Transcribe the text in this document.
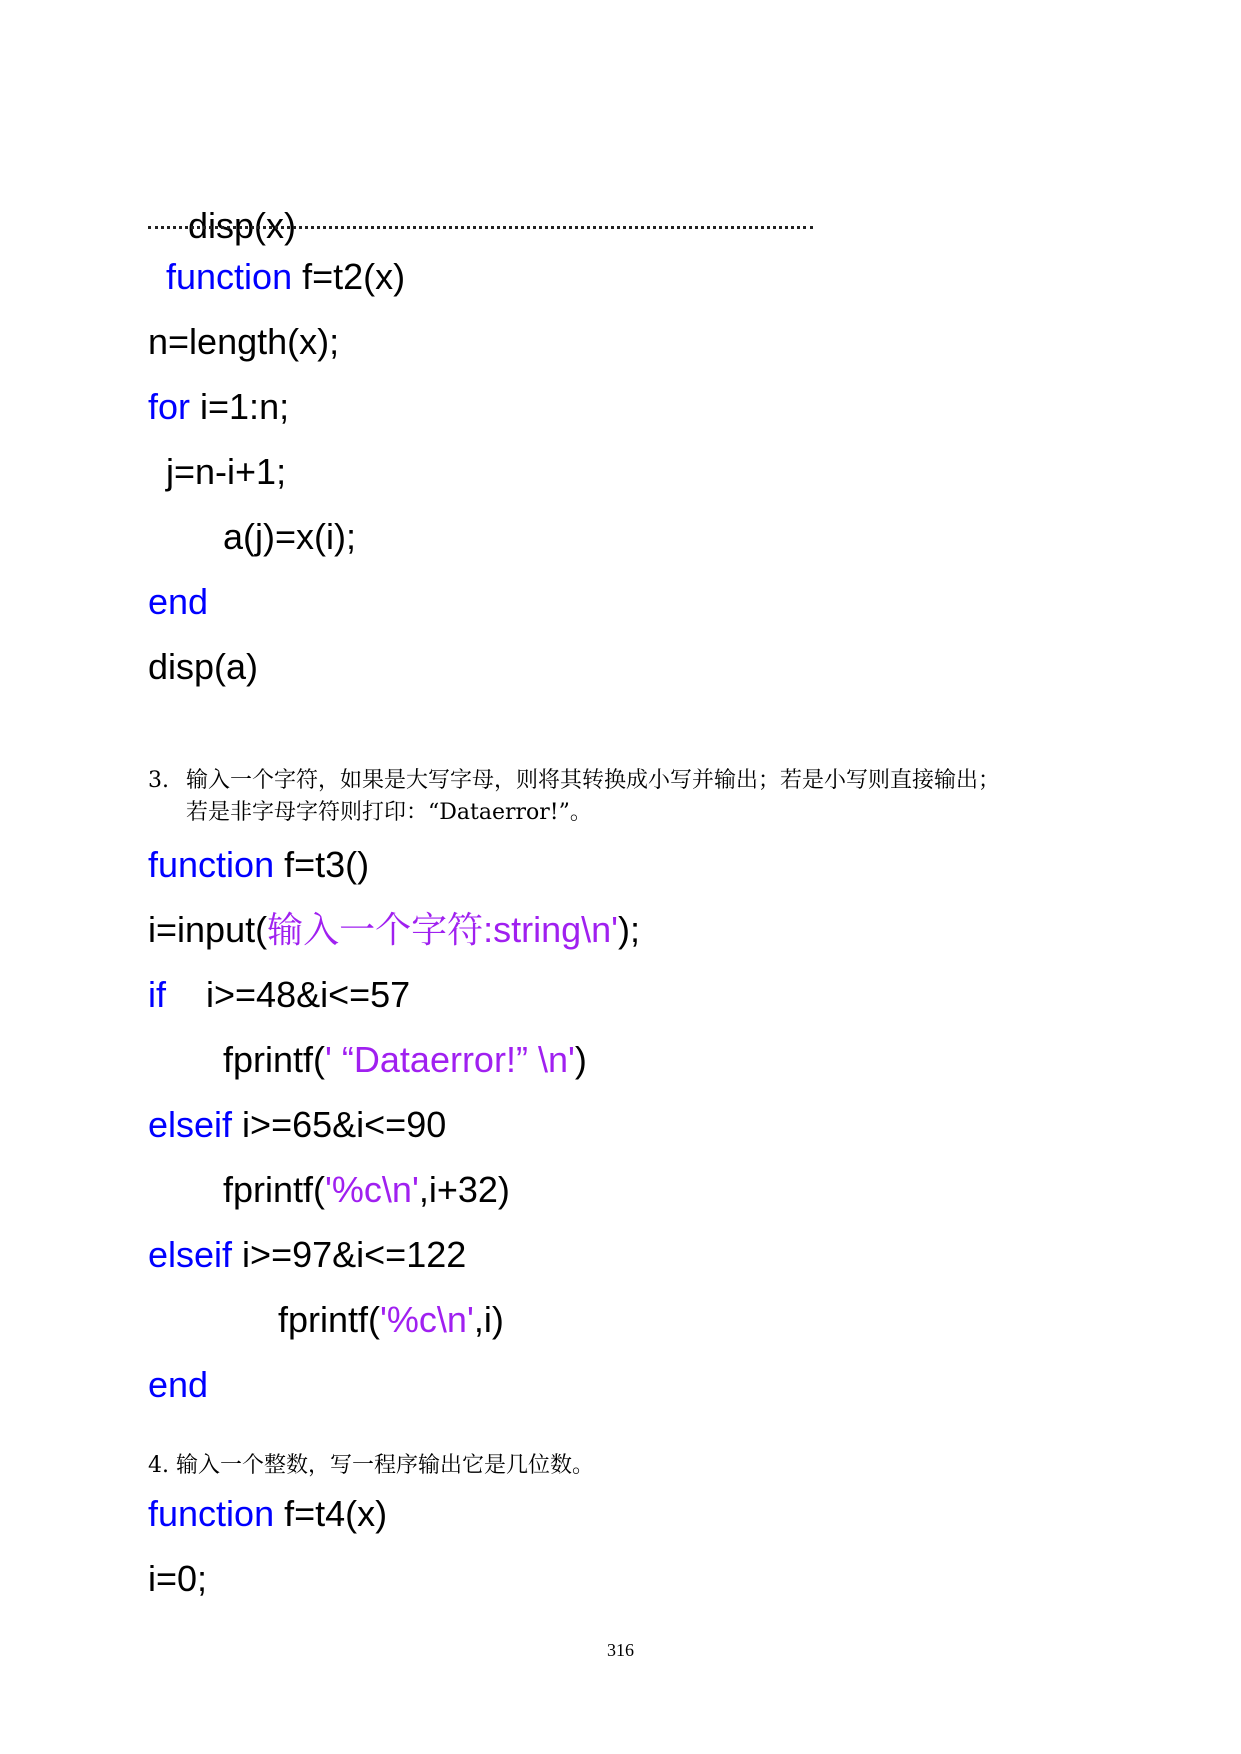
disp(x)

function f=t2(x)
n=length(x);
for i=1:n;
j=n-i+1;
a(j)=x(i);
end
disp(a)
3. 输入一个字符，如果是大写字母，则将其转换成小写并输出；若是小写则直接输出；
若是非字母字符则打印：“Dataerror!”。
function f=t3()
i=input(输入一个字符:string\n');
if    i>=48&i<=57
fprintf(' “Dataerror!” \n')
elseif i>=65&i<=90
fprintf('%c\n',i+32)
elseif i>=97&i<=122
fprintf('%c\n',i)
end
4. 输入一个整数，写一程序输出它是几位数。
function f=t4(x)
i=0;
316
